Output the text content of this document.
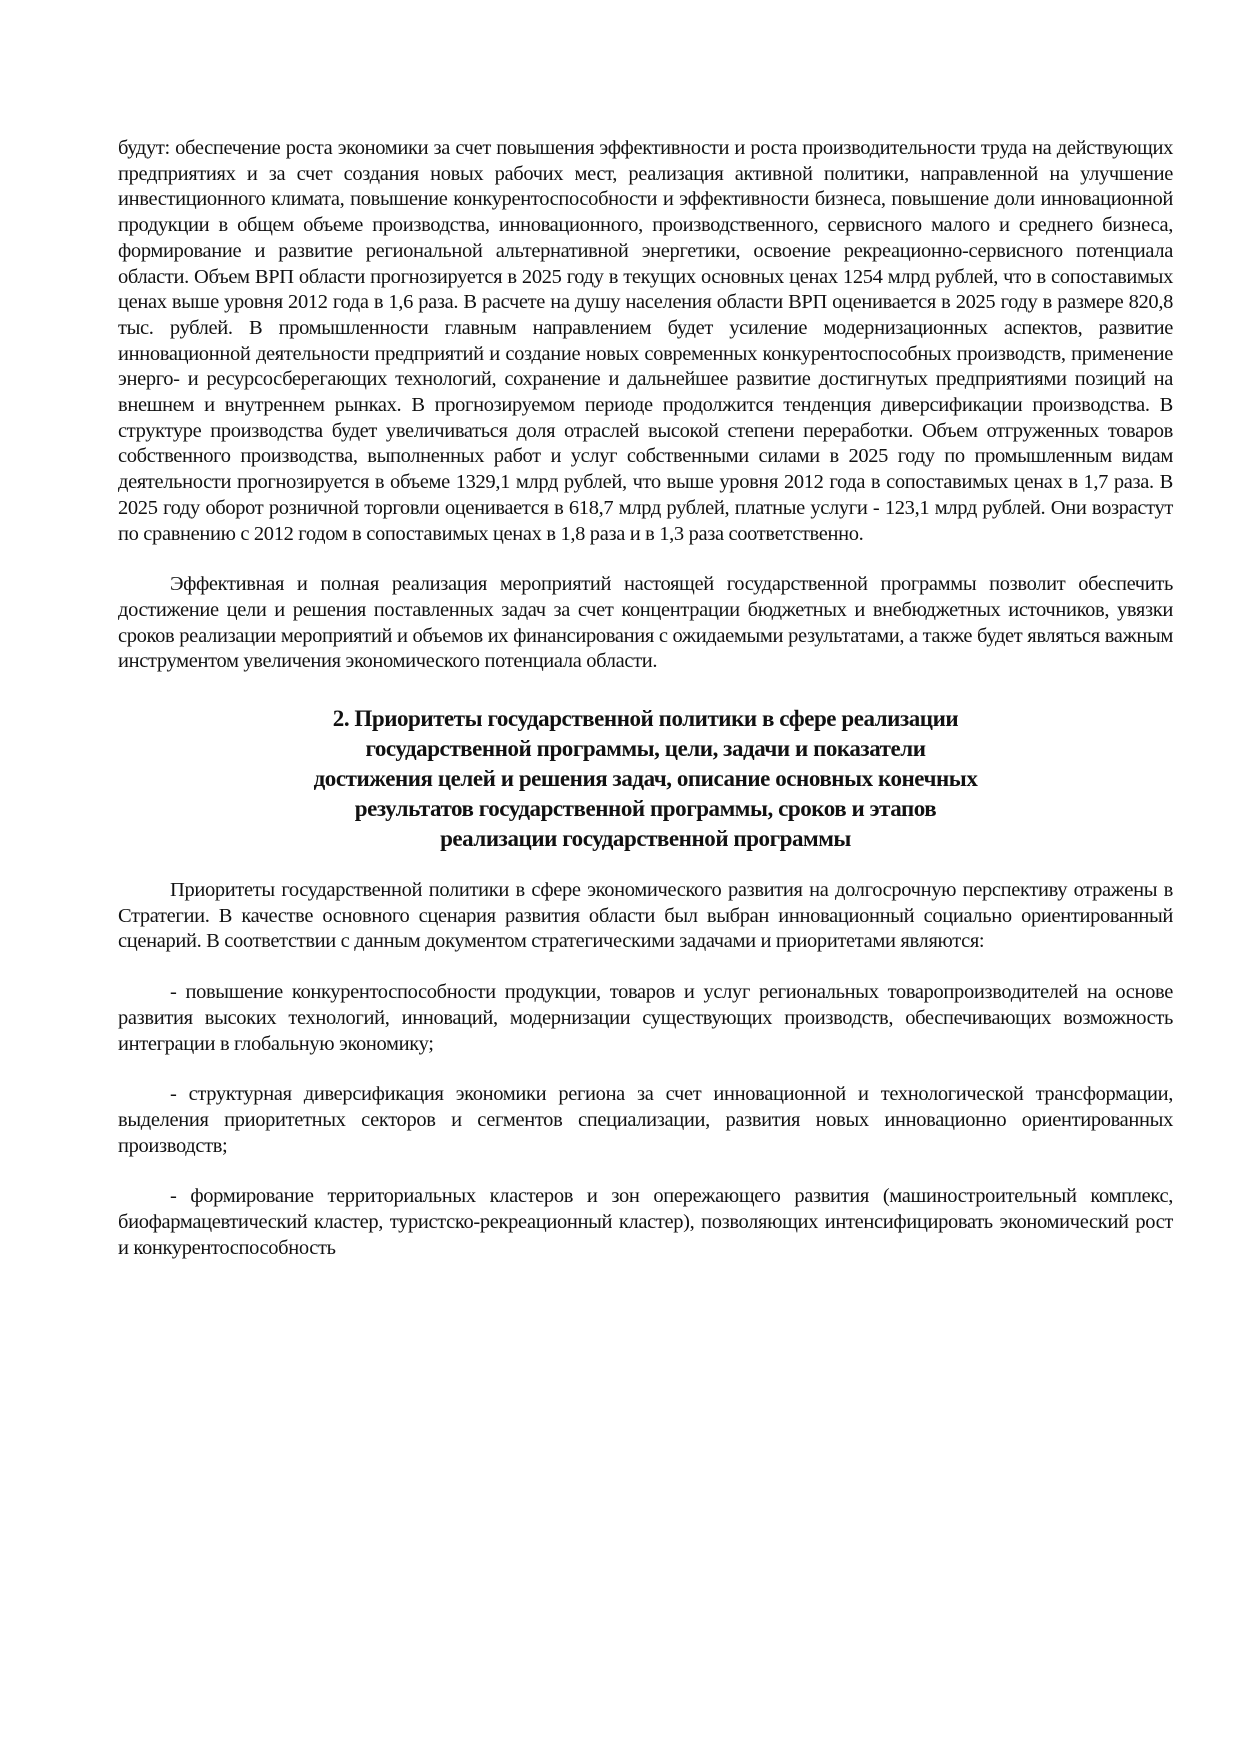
будут: обеспечение роста экономики за счет повышения эффективности и роста производительности труда на действующих предприятиях и за счет создания новых рабочих мест, реализация активной политики, направленной на улучшение инвестиционного климата, повышение конкурентоспособности и эффективности бизнеса, повышение доли инновационной продукции в общем объеме производства, инновационного, производственного, сервисного малого и среднего бизнеса, формирование и развитие региональной альтернативной энергетики, освоение рекреационно-сервисного потенциала области. Объем ВРП области прогнозируется в 2025 году в текущих основных ценах 1254 млрд рублей, что в сопоставимых ценах выше уровня 2012 года в 1,6 раза. В расчете на душу населения области ВРП оценивается в 2025 году в размере 820,8 тыс. рублей. В промышленности главным направлением будет усиление модернизационных аспектов, развитие инновационной деятельности предприятий и создание новых современных конкурентоспособных производств, применение энерго- и ресурсосберегающих технологий, сохранение и дальнейшее развитие достигнутых предприятиями позиций на внешнем и внутреннем рынках. В прогнозируемом периоде продолжится тенденция диверсификации производства. В структуре производства будет увеличиваться доля отраслей высокой степени переработки. Объем отгруженных товаров собственного производства, выполненных работ и услуг собственными силами в 2025 году по промышленным видам деятельности прогнозируется в объеме 1329,1 млрд рублей, что выше уровня 2012 года в сопоставимых ценах в 1,7 раза. В 2025 году оборот розничной торговли оценивается в 618,7 млрд рублей, платные услуги - 123,1 млрд рублей. Они возрастут по сравнению с 2012 годом в сопоставимых ценах в 1,8 раза и в 1,3 раза соответственно.

Эффективная и полная реализация мероприятий настоящей государственной программы позволит обеспечить достижение цели и решения поставленных задач за счет концентрации бюджетных и внебюджетных источников, увязки сроков реализации мероприятий и объемов их финансирования с ожидаемыми результатами, а также будет являться важным инструментом увеличения экономического потенциала области.

2. Приоритеты государственной политики в сфере реализации
государственной программы, цели, задачи и показатели
достижения целей и решения задач, описание основных конечных
результатов государственной программы, сроков и этапов
реализации государственной программы

Приоритеты государственной политики в сфере экономического развития на долгосрочную перспективу отражены в Стратегии. В качестве основного сценария развития области был выбран инновационный социально ориентированный сценарий. В соответствии с данным документом стратегическими задачами и приоритетами являются:

- повышение конкурентоспособности продукции, товаров и услуг региональных товаропроизводителей на основе развития высоких технологий, инноваций, модернизации существующих производств, обеспечивающих возможность интеграции в глобальную экономику;

- структурная диверсификация экономики региона за счет инновационной и технологической трансформации, выделения приоритетных секторов и сегментов специализации, развития новых инновационно ориентированных производств;

- формирование территориальных кластеров и зон опережающего развития (машиностроительный комплекс, биофармацевтический кластер, туристско-рекреационный кластер), позволяющих интенсифицировать экономический рост и конкурентоспособность
